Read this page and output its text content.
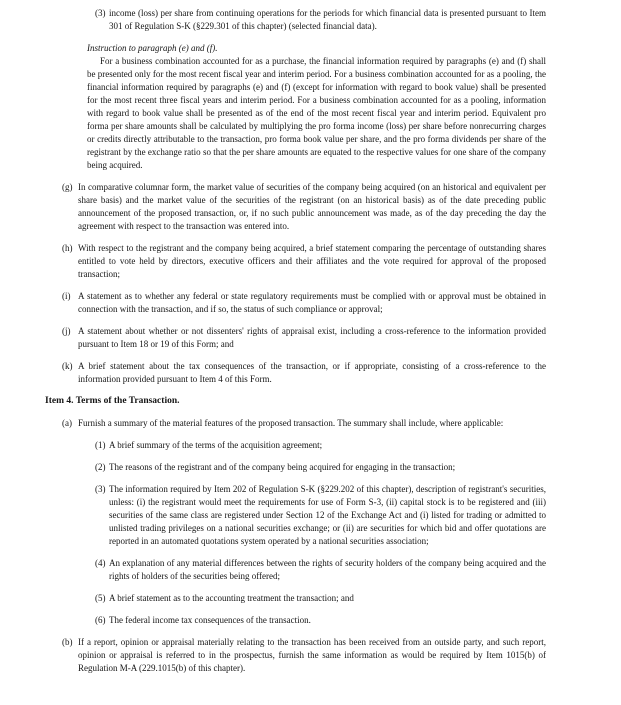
(3) income (loss) per share from continuing operations for the periods for which financial data is presented pursuant to Item 301 of Regulation S-K (§229.301 of this chapter) (selected financial data).
Instruction to paragraph (e) and (f).
For a business combination accounted for as a purchase, the financial information required by paragraphs (e) and (f) shall be presented only for the most recent fiscal year and interim period. For a business combination accounted for as a pooling, the financial information required by paragraphs (e) and (f) (except for information with regard to book value) shall be presented for the most recent three fiscal years and interim period. For a business combination accounted for as a pooling, information with regard to book value shall be presented as of the end of the most recent fiscal year and interim period. Equivalent pro forma per share amounts shall be calculated by multiplying the pro forma income (loss) per share before nonrecurring charges or credits directly attributable to the transaction, pro forma book value per share, and the pro forma dividends per share of the registrant by the exchange ratio so that the per share amounts are equated to the respective values for one share of the company being acquired.
(g) In comparative columnar form, the market value of securities of the company being acquired (on an historical and equivalent per share basis) and the market value of the securities of the registrant (on an historical basis) as of the date preceding public announcement of the proposed transaction, or, if no such public announcement was made, as of the day preceding the day the agreement with respect to the transaction was entered into.
(h) With respect to the registrant and the company being acquired, a brief statement comparing the percentage of outstanding shares entitled to vote held by directors, executive officers and their affiliates and the vote required for approval of the proposed transaction;
(i) A statement as to whether any federal or state regulatory requirements must be complied with or approval must be obtained in connection with the transaction, and if so, the status of such compliance or approval;
(j) A statement about whether or not dissenters' rights of appraisal exist, including a cross-reference to the information provided pursuant to Item 18 or 19 of this Form; and
(k) A brief statement about the tax consequences of the transaction, or if appropriate, consisting of a cross-reference to the information provided pursuant to Item 4 of this Form.
Item 4. Terms of the Transaction.
(a) Furnish a summary of the material features of the proposed transaction. The summary shall include, where applicable:
(1) A brief summary of the terms of the acquisition agreement;
(2) The reasons of the registrant and of the company being acquired for engaging in the transaction;
(3) The information required by Item 202 of Regulation S-K (§229.202 of this chapter), description of registrant's securities, unless: (i) the registrant would meet the requirements for use of Form S-3, (ii) capital stock is to be registered and (iii) securities of the same class are registered under Section 12 of the Exchange Act and (i) listed for trading or admitted to unlisted trading privileges on a national securities exchange; or (ii) are securities for which bid and offer quotations are reported in an automated quotations system operated by a national securities association;
(4) An explanation of any material differences between the rights of security holders of the company being acquired and the rights of holders of the securities being offered;
(5) A brief statement as to the accounting treatment the transaction; and
(6) The federal income tax consequences of the transaction.
(b) If a report, opinion or appraisal materially relating to the transaction has been received from an outside party, and such report, opinion or appraisal is referred to in the prospectus, furnish the same information as would be required by Item 1015(b) of Regulation M-A (229.1015(b) of this chapter).
